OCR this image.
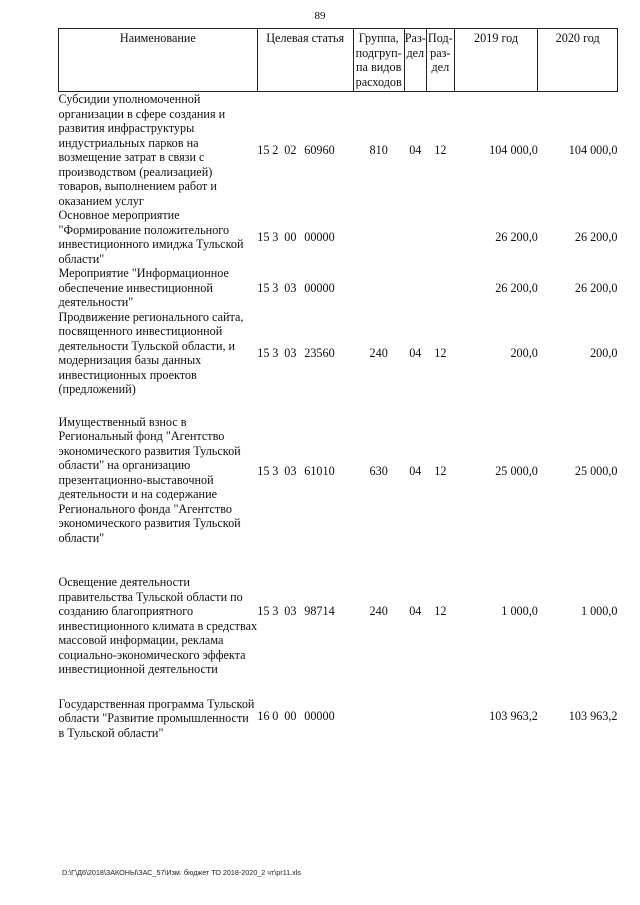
89
Наименование	Целевая статья	Группа, подгруп-па видов расходов	Раз-дел	Под-раз-дел	2019 год	2020 год
Субсидии уполномоченной организации в сфере создания и развития инфраструктуры индустриальных парков на возмещение затрат в связи с производством (реализацией) товаров, выполнением работ и оказанием услуг	15 2 02 60960	810	04	12	104 000,0	104 000,0
Основное мероприятие "Формирование положительного инвестиционного имиджа Тульской области"	15 3 00 00000				26 200,0	26 200,0
Мероприятие "Информационное обеспечение инвестиционной деятельности"	15 3 03 00000				26 200,0	26 200,0
Продвижение регионального сайта, посвященного инвестиционной деятельности Тульской области, и модернизация базы данных инвестиционных проектов (предложений)	15 3 03 23560	240	04	12	200,0	200,0
Имущественный взнос в Региональный фонд "Агентство экономического развития Тульской области" на организацию презентационно-выставочной деятельности и на содержание Регионального фонда "Агентство экономического развития Тульской области"	15 3 03 61010	630	04	12	25 000,0	25 000,0
Освещение деятельности правительства Тульской области по созданию благоприятного инвестиционного климата в средствах массовой информации, реклама социально-экономического эффекта инвестиционной деятельности	15 3 03 98714	240	04	12	1 000,0	1 000,0
Государственная программа Тульской области "Развитие промышленности в Тульской области"	16 0 00 00000				103 963,2	103 963,2
D:\Г\Д6\2018\ЗАКОНЫ\ЗАС_57\Изм. бюджет ТО 2018-2020_2 чт\pr11.xls
